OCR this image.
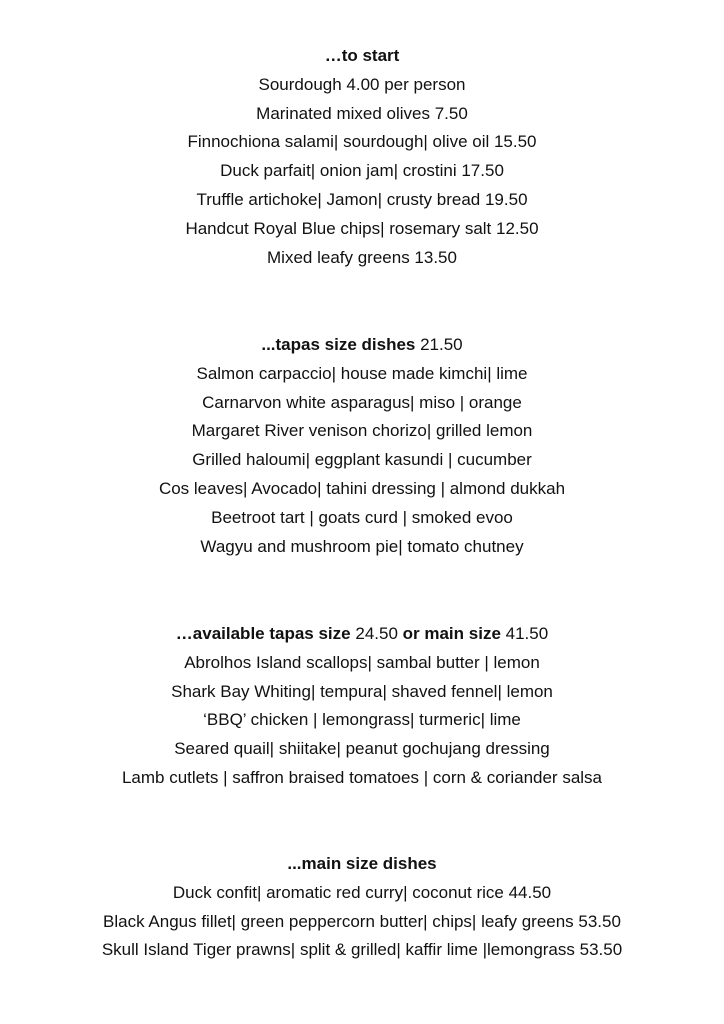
…to start
Sourdough 4.00 per person
Marinated mixed olives 7.50
Finnochiona salami| sourdough| olive oil 15.50
Duck parfait| onion jam| crostini 17.50
Truffle artichoke| Jamon| crusty bread 19.50
Handcut Royal Blue chips| rosemary salt 12.50
Mixed leafy greens 13.50
...tapas size dishes 21.50
Salmon carpaccio| house made kimchi| lime
Carnarvon white asparagus| miso | orange
Margaret River venison chorizo| grilled lemon
Grilled haloumi| eggplant kasundi | cucumber
Cos leaves| Avocado| tahini dressing | almond dukkah
Beetroot tart | goats curd | smoked evoo
Wagyu and mushroom pie| tomato chutney
…available tapas size 24.50 or main size 41.50
Abrolhos Island scallops| sambal butter | lemon
Shark Bay Whiting| tempura| shaved fennel| lemon
‘BBQ’ chicken | lemongrass| turmeric| lime
Seared quail| shiitake| peanut gochujang dressing
Lamb cutlets | saffron braised tomatoes | corn & coriander salsa
...main size dishes
Duck confit| aromatic red curry| coconut rice 44.50
Black Angus fillet| green peppercorn butter| chips| leafy greens 53.50
Skull Island Tiger prawns| split & grilled| kaffir lime |lemongrass 53.50
